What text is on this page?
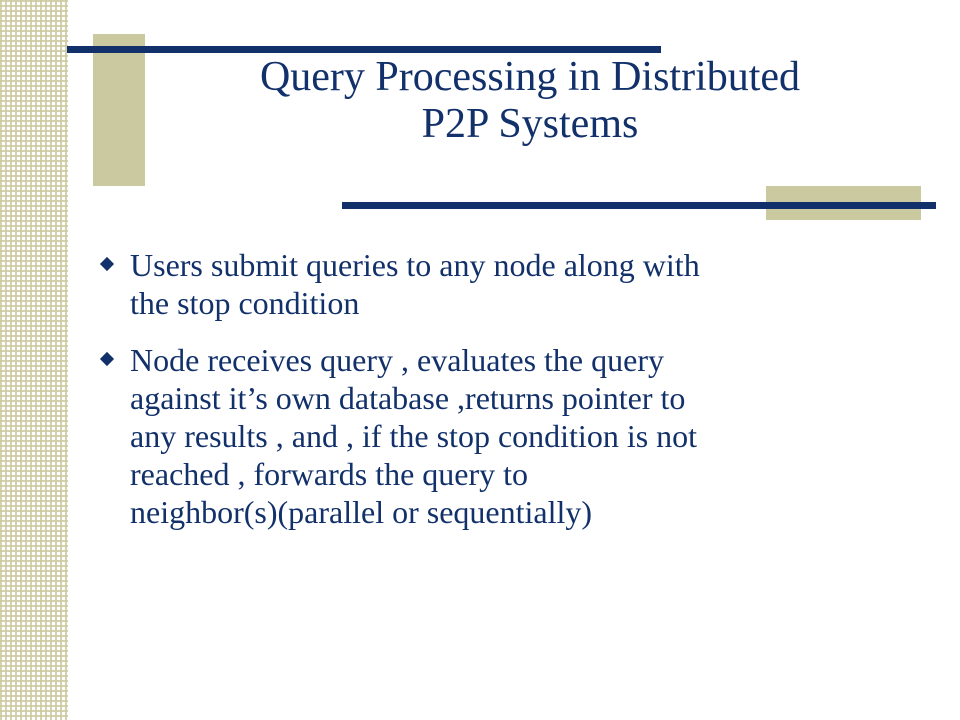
Query Processing in Distributed
P2P Systems
Users submit queries to any node along with
the stop condition
Node receives query , evaluates the query
against it’s own database ,returns pointer to
any results , and , if the stop condition is not
reached , forwards the query to
neighbor(s)(parallel or sequentially)
